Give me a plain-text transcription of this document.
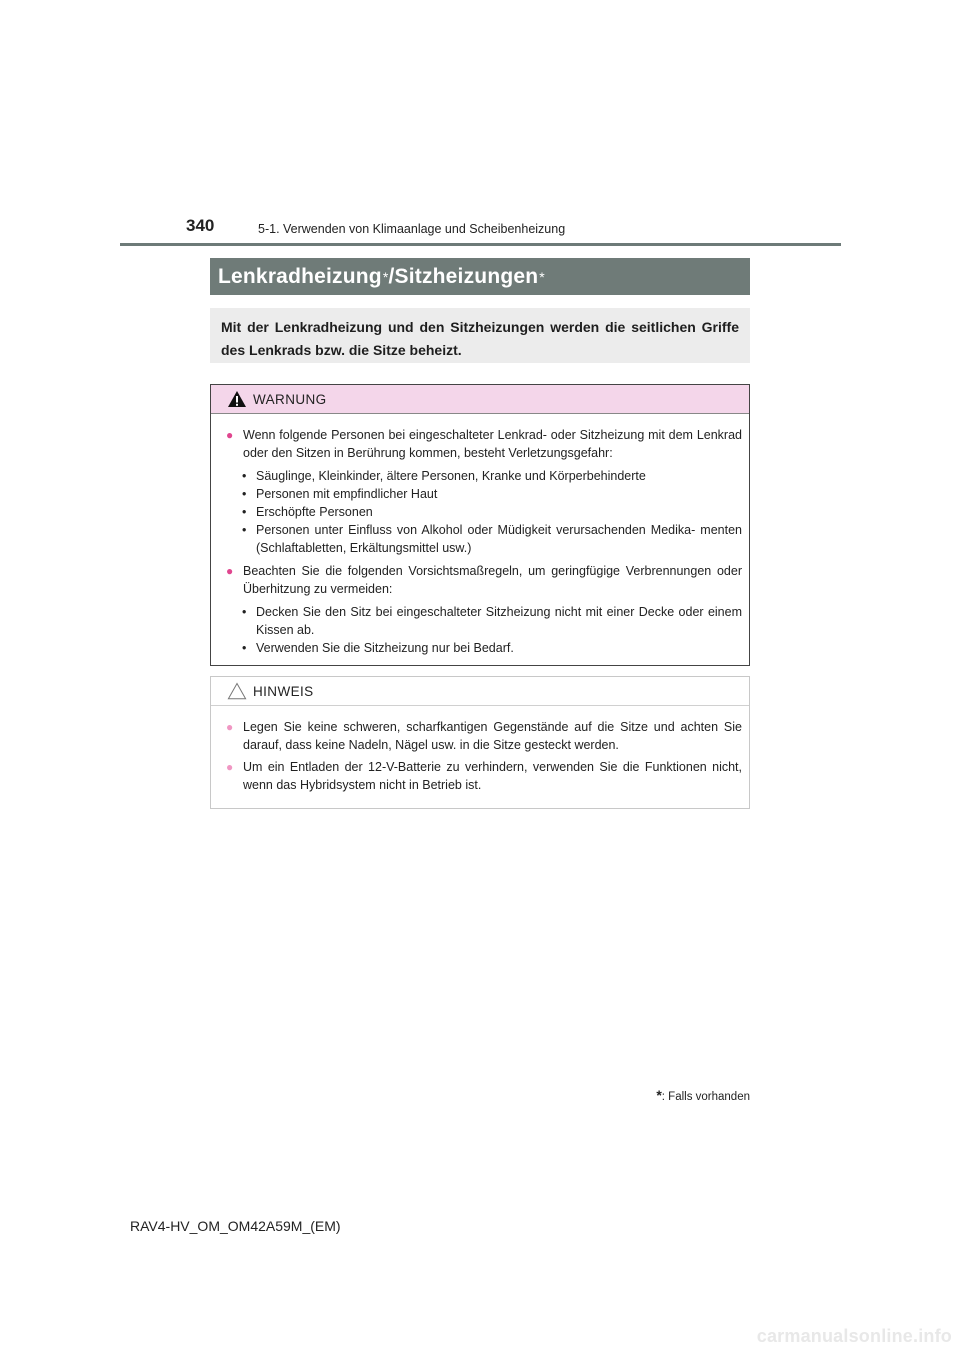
340	5-1. Verwenden von Klimaanlage und Scheibenheizung
Lenkradheizung * /Sitzheizungen *
Mit der Lenkradheizung und den Sitzheizungen werden die seitlichen Griffe des Lenkrads bzw. die Sitze beheizt.
WARNUNG
● Wenn folgende Personen bei eingeschalteter Lenkrad- oder Sitzheizung mit dem Lenkrad oder den Sitzen in Berührung kommen, besteht Verletzungsgefahr:
• Säuglinge, Kleinkinder, ältere Personen, Kranke und Körperbehinderte
• Personen mit empfindlicher Haut
• Erschöpfte Personen
• Personen unter Einfluss von Alkohol oder Müdigkeit verursachenden Medika- menten (Schlaftabletten, Erkältungsmittel usw.)
● Beachten Sie die folgenden Vorsichtsmaßregeln, um geringfügige Verbrennungen oder Überhitzung zu vermeiden:
• Decken Sie den Sitz bei eingeschalteter Sitzheizung nicht mit einer Decke oder einem Kissen ab.
• Verwenden Sie die Sitzheizung nur bei Bedarf.
HINWEIS
● Legen Sie keine schweren, scharfkantigen Gegenstände auf die Sitze und achten Sie darauf, dass keine Nadeln, Nägel usw. in die Sitze gesteckt werden.
● Um ein Entladen der 12-V-Batterie zu verhindern, verwenden Sie die Funktionen nicht, wenn das Hybridsystem nicht in Betrieb ist.
*: Falls vorhanden
RAV4-HV_OM_OM42A59M_(EM)
carmanualsonline.info
